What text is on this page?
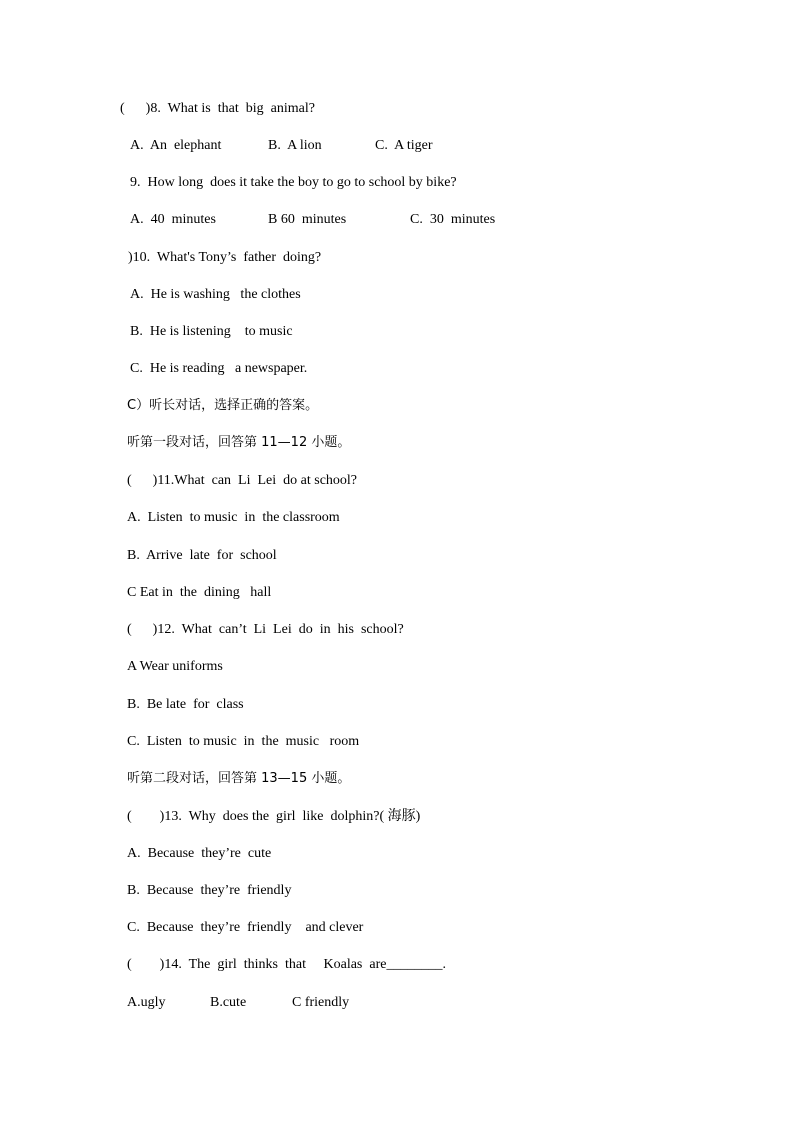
(      )8.  What is  that  big  animal?
A.  An  elephant	B.  A lion	C.  A tiger
9.  How long  does it take the boy to go to school by bike?
A.  40  minutes	B 60  minutes	C.  30  minutes
)10.  What's Tony’s  father  doing?
A.  He is washing   the clothes
B.  He is listening    to music
C.  He is reading   a newspaper.
C）听长对话，选择正确的答案。
听第一段对话，回答第 11—12 小题。
(      )11.What  can  Li  Lei  do at school?
A.  Listen  to music  in  the classroom
B.  Arrive  late  for  school
C Eat in  the  dining   hall
(      )12.  What  can’t  Li  Lei  do  in  his  school?
A Wear uniforms
B.  Be late  for  class
C.  Listen  to music  in  the  music   room
听第二段对话，回答第 13—15 小题。
(        )13.  Why  does the  girl  like  dolphin?( 海豚)
A.  Because  they’re  cute
B.  Because  they’re  friendly
C.  Because  they’re  friendly    and clever
(        )14.  The  girl  thinks  that     Koalas  are________.
A.ugly	B.cute	C friendly
